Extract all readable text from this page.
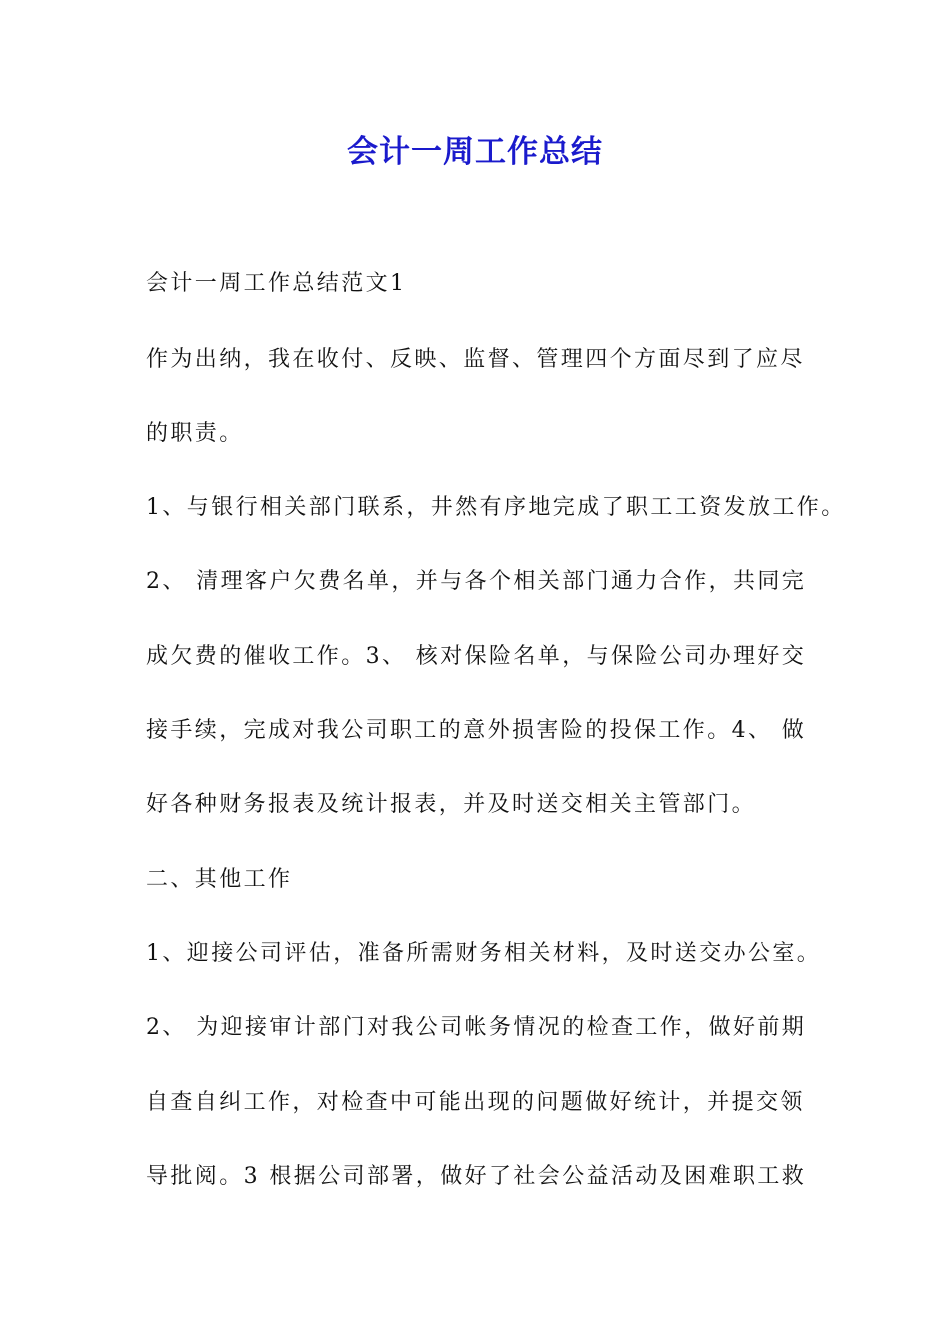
会计一周工作总结
会计一周工作总结范文1
作为出纳，我在收付、反映、监督、管理四个方面尽到了应尽
的职责。
1、与银行相关部门联系，井然有序地完成了职工工资发放工作。
2、 清理客户欠费名单，并与各个相关部门通力合作，共同完
成欠费的催收工作。3、 核对保险名单，与保险公司办理好交
接手续，完成对我公司职工的意外损害险的投保工作。4、 做
好各种财务报表及统计报表，并及时送交相关主管部门。
二、其他工作
1、迎接公司评估，准备所需财务相关材料，及时送交办公室。
2、 为迎接审计部门对我公司帐务情况的检查工作，做好前期
自查自纠工作，对检查中可能出现的问题做好统计，并提交领
导批阅。3 根据公司部署，做好了社会公益活动及困难职工救
